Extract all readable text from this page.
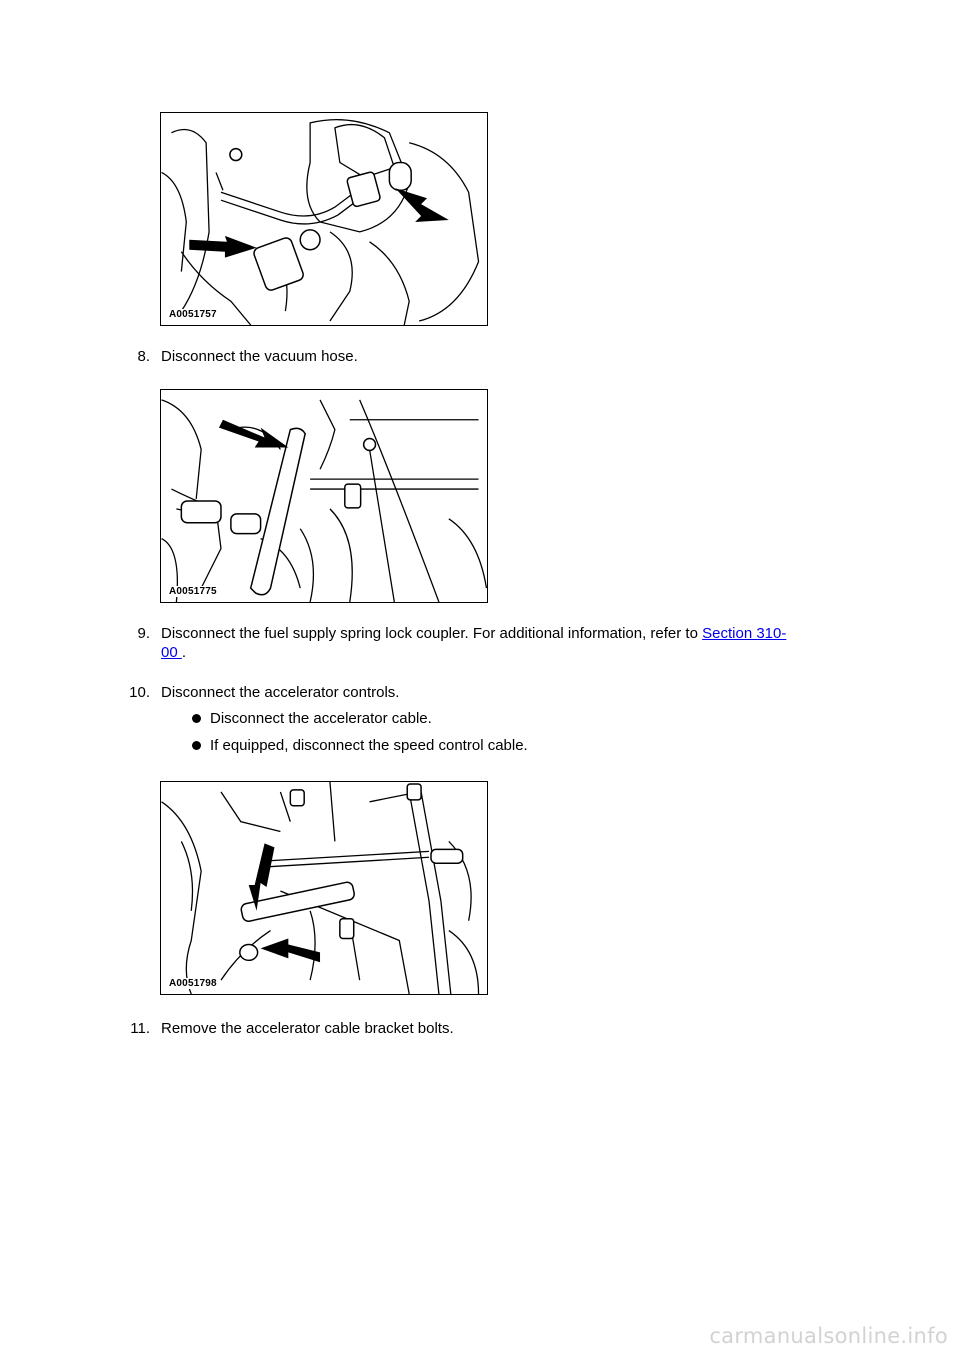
A0051757
8. Disconnect the vacuum hose.
A0051775
9. Disconnect the fuel supply spring lock coupler. For additional information, refer to Section 310-
00 .
10. Disconnect the accelerator controls.
Disconnect the accelerator cable.
If equipped, disconnect the speed control cable.
A0051798
11. Remove the accelerator cable bracket bolts.
carmanualsonline.info
